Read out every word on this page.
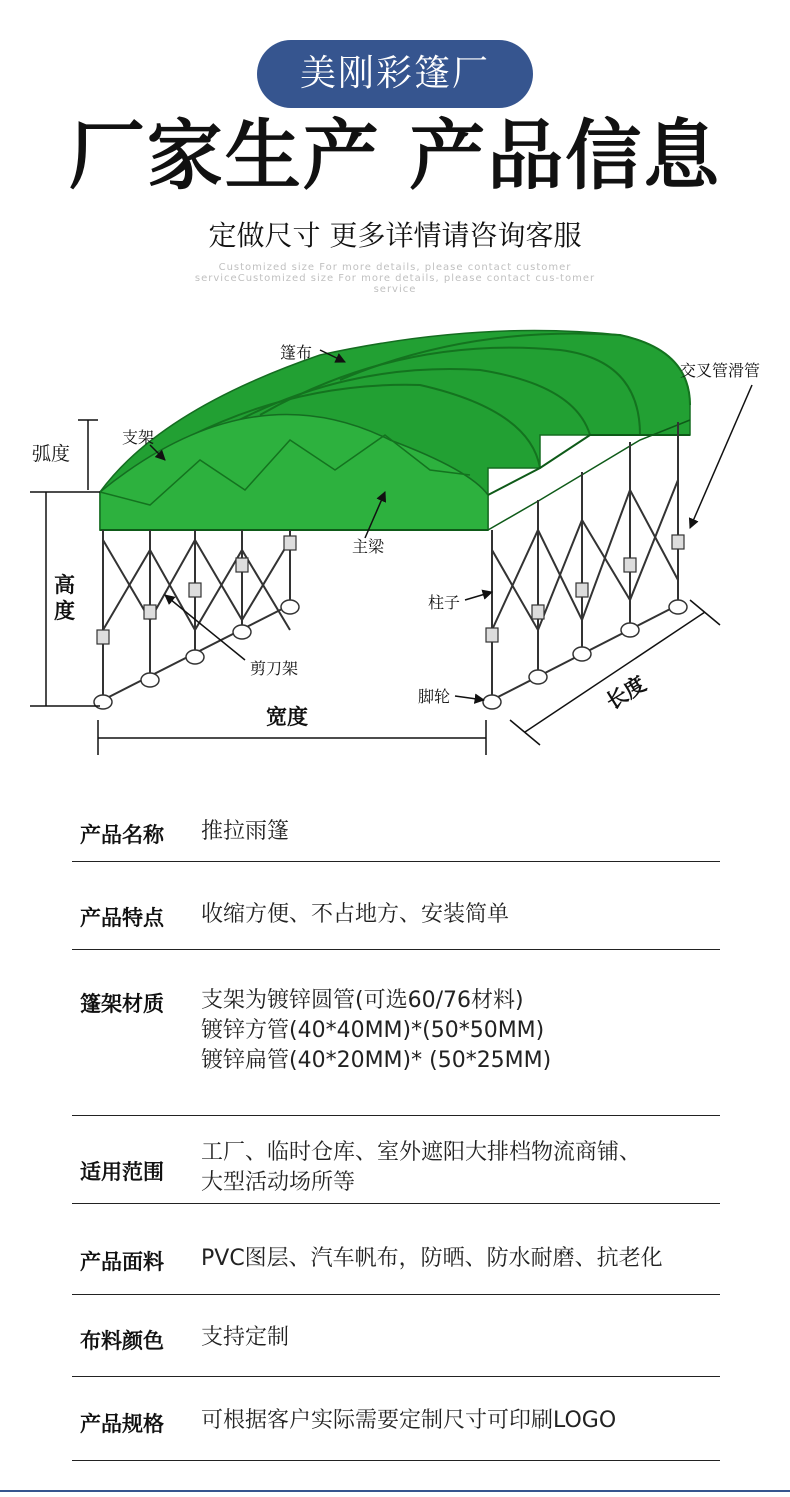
美刚彩篷厂
厂家生产 产品信息
定做尺寸 更多详情请咨询客服
Customized size For more details, please contact customer serviceCustomized size For more details, please contact cus-tomer service
篷布
交叉管滑管
弧度
支架
主梁
柱子
剪刀架
脚轮
宽度
长度
高
度
产品名称 推拉雨篷
产品特点 收缩方便、不占地方、安装简单
篷架材质 支架为镀锌圆管(可选60/76材料)
镀锌方管(40*40MM)*(50*50MM)
镀锌扁管(40*20MM)* (50*25MM)
适用范围
工厂、临时仓库、室外遮阳大排档物流商铺、
大型活动场所等
产品面料 PVC图层、汽车帆布，防晒、防水耐磨、抗老化
布料颜色 支持定制
产品规格 可根据客户实际需要定制尺寸可印刷LOGO
